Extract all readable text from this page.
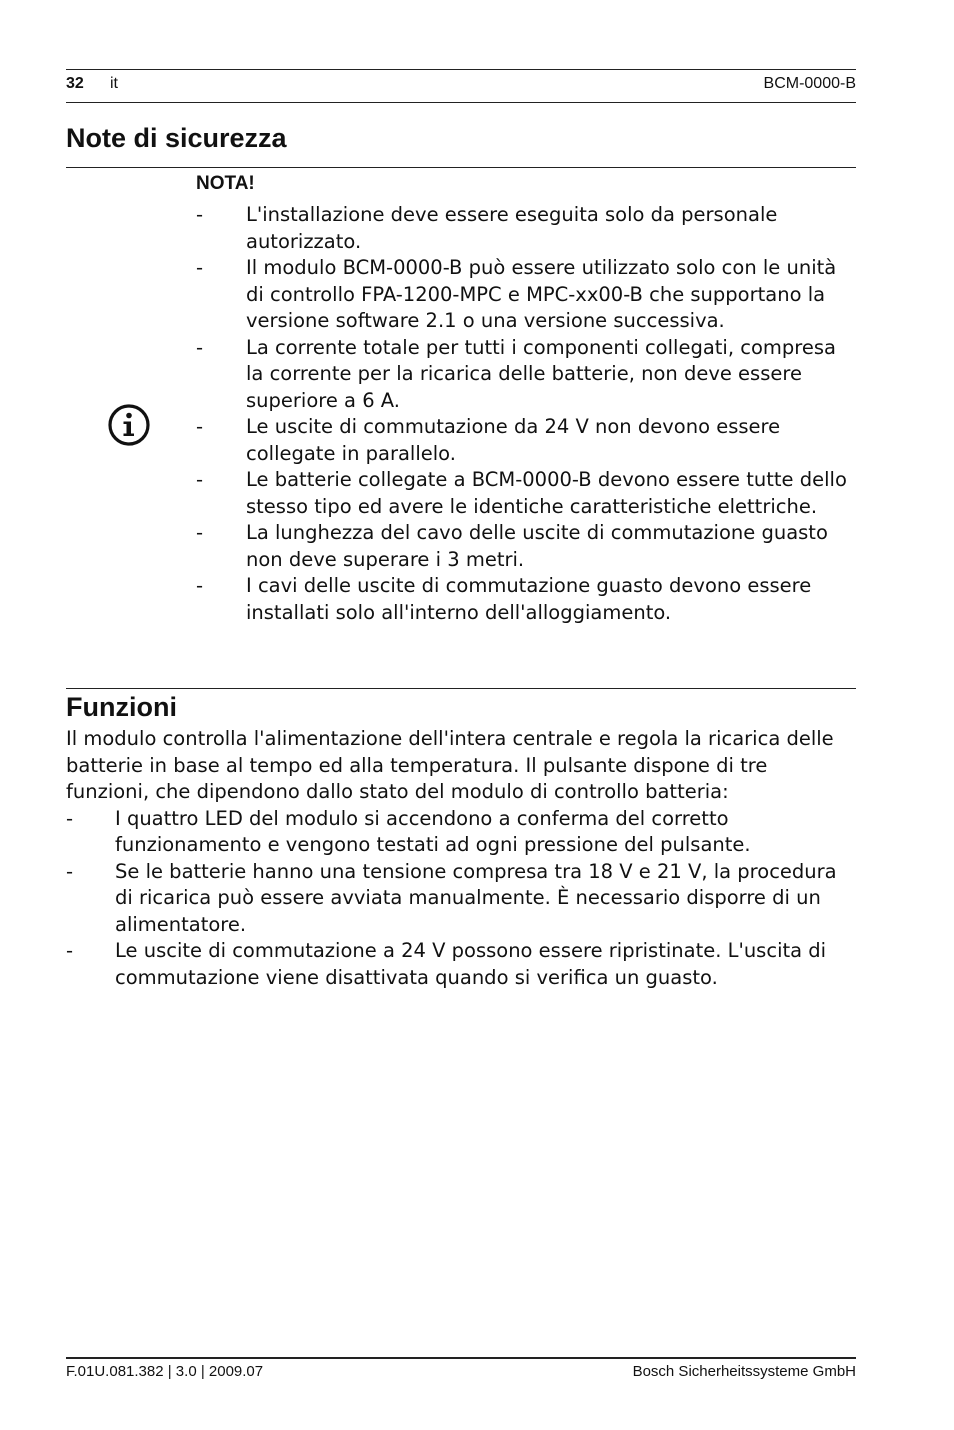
32 it	BCM-0000-B
Note di sicurezza
NOTA!
- L'installazione deve essere eseguita solo da personale autorizzato.
- Il modulo BCM-0000-B può essere utilizzato solo con le unità di controllo FPA-1200-MPC e MPC-xx00-B che supportano la versione software 2.1 o una versione successiva.
- La corrente totale per tutti i componenti collegati, compresa la corrente per la ricarica delle batterie, non deve essere superiore a 6 A.
- Le uscite di commutazione da 24 V non devono essere collegate in parallelo.
- Le batterie collegate a BCM-0000-B devono essere tutte dello stesso tipo ed avere le identiche caratteristiche elettriche.
- La lunghezza del cavo delle uscite di commutazione guasto non deve superare i 3 metri.
- I cavi delle uscite di commutazione guasto devono essere installati solo all'interno dell'alloggiamento.
Funzioni

Il modulo controlla l'alimentazione dell'intera centrale e regola la ricarica delle batterie in base al tempo ed alla temperatura. Il pulsante dispone di tre funzioni, che dipendono dallo stato del modulo di controllo batteria:

- I quattro LED del modulo si accendono a conferma del corretto funzionamento e vengono testati ad ogni pressione del pulsante.
- Se le batterie hanno una tensione compresa tra 18 V e 21 V, la procedura di ricarica può essere avviata manualmente. È necessario disporre di un alimentatore.
- Le uscite di commutazione a 24 V possono essere ripristinate. L'uscita di commutazione viene disattivata quando si verifica un guasto.
F.01U.081.382 | 3.0 | 2009.07	Bosch Sicherheitssysteme GmbH
